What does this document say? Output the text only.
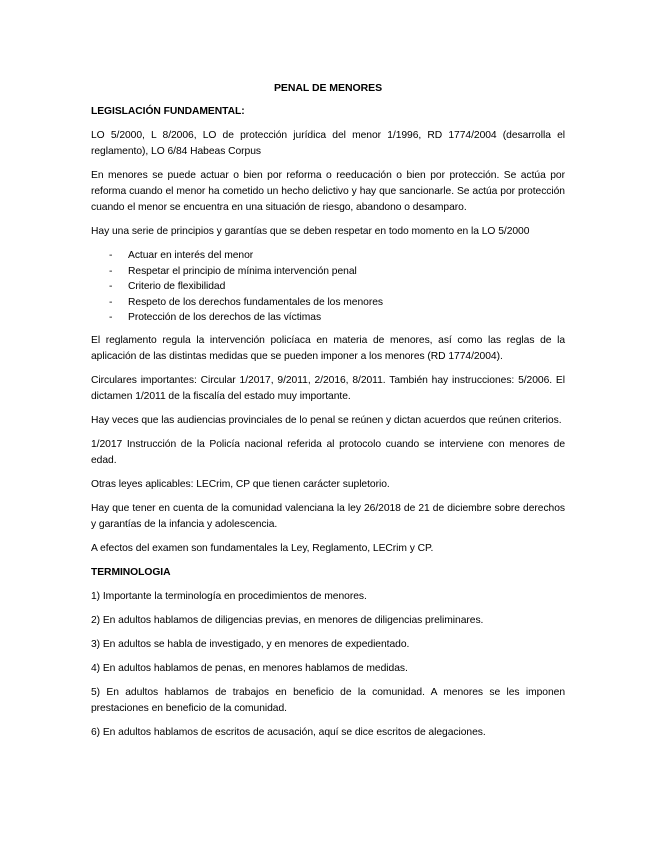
PENAL DE MENORES
LEGISLACIÓN FUNDAMENTAL:
LO 5/2000, L 8/2006, LO de protección jurídica del menor 1/1996, RD 1774/2004 (desarrolla el reglamento), LO 6/84 Habeas Corpus
En menores se puede actuar o bien por reforma o reeducación o bien por protección. Se actúa por reforma cuando el menor ha cometido un hecho delictivo y hay que sancionarle. Se actúa por protección cuando el menor se encuentra en una situación de riesgo, abandono o desamparo.
Hay una serie de principios y garantías que se deben respetar en todo momento en la LO 5/2000
- Actuar en interés del menor
- Respetar el principio de mínima intervención penal
- Criterio de flexibilidad
- Respeto de los derechos fundamentales de los menores
- Protección de los derechos de las víctimas
El reglamento regula la intervención policíaca en materia de menores, así como las reglas de la aplicación de las distintas medidas que se pueden imponer a los menores (RD 1774/2004).
Circulares importantes: Circular 1/2017, 9/2011, 2/2016, 8/2011. También hay instrucciones: 5/2006. El dictamen 1/2011 de la fiscalía del estado muy importante.
Hay veces que las audiencias provinciales de lo penal se reúnen y dictan acuerdos que reúnen criterios.
1/2017 Instrucción de la Policía nacional referida al protocolo cuando se interviene con menores de edad.
Otras leyes aplicables: LECrim, CP que tienen carácter supletorio.
Hay que tener en cuenta de la comunidad valenciana la ley 26/2018 de 21 de diciembre sobre derechos y garantías de la infancia y adolescencia.
A efectos del examen son fundamentales la Ley, Reglamento, LECrim y CP.
TERMINOLOGIA
1) Importante la terminología en procedimientos de menores.
2) En adultos hablamos de diligencias previas, en menores de diligencias preliminares.
3) En adultos se habla de investigado, y en menores de expedientado.
4) En adultos hablamos de penas, en menores hablamos de medidas.
5) En adultos hablamos de trabajos en beneficio de la comunidad. A menores se les imponen prestaciones en beneficio de la comunidad.
6) En adultos hablamos de escritos de acusación, aquí se dice escritos de alegaciones.
